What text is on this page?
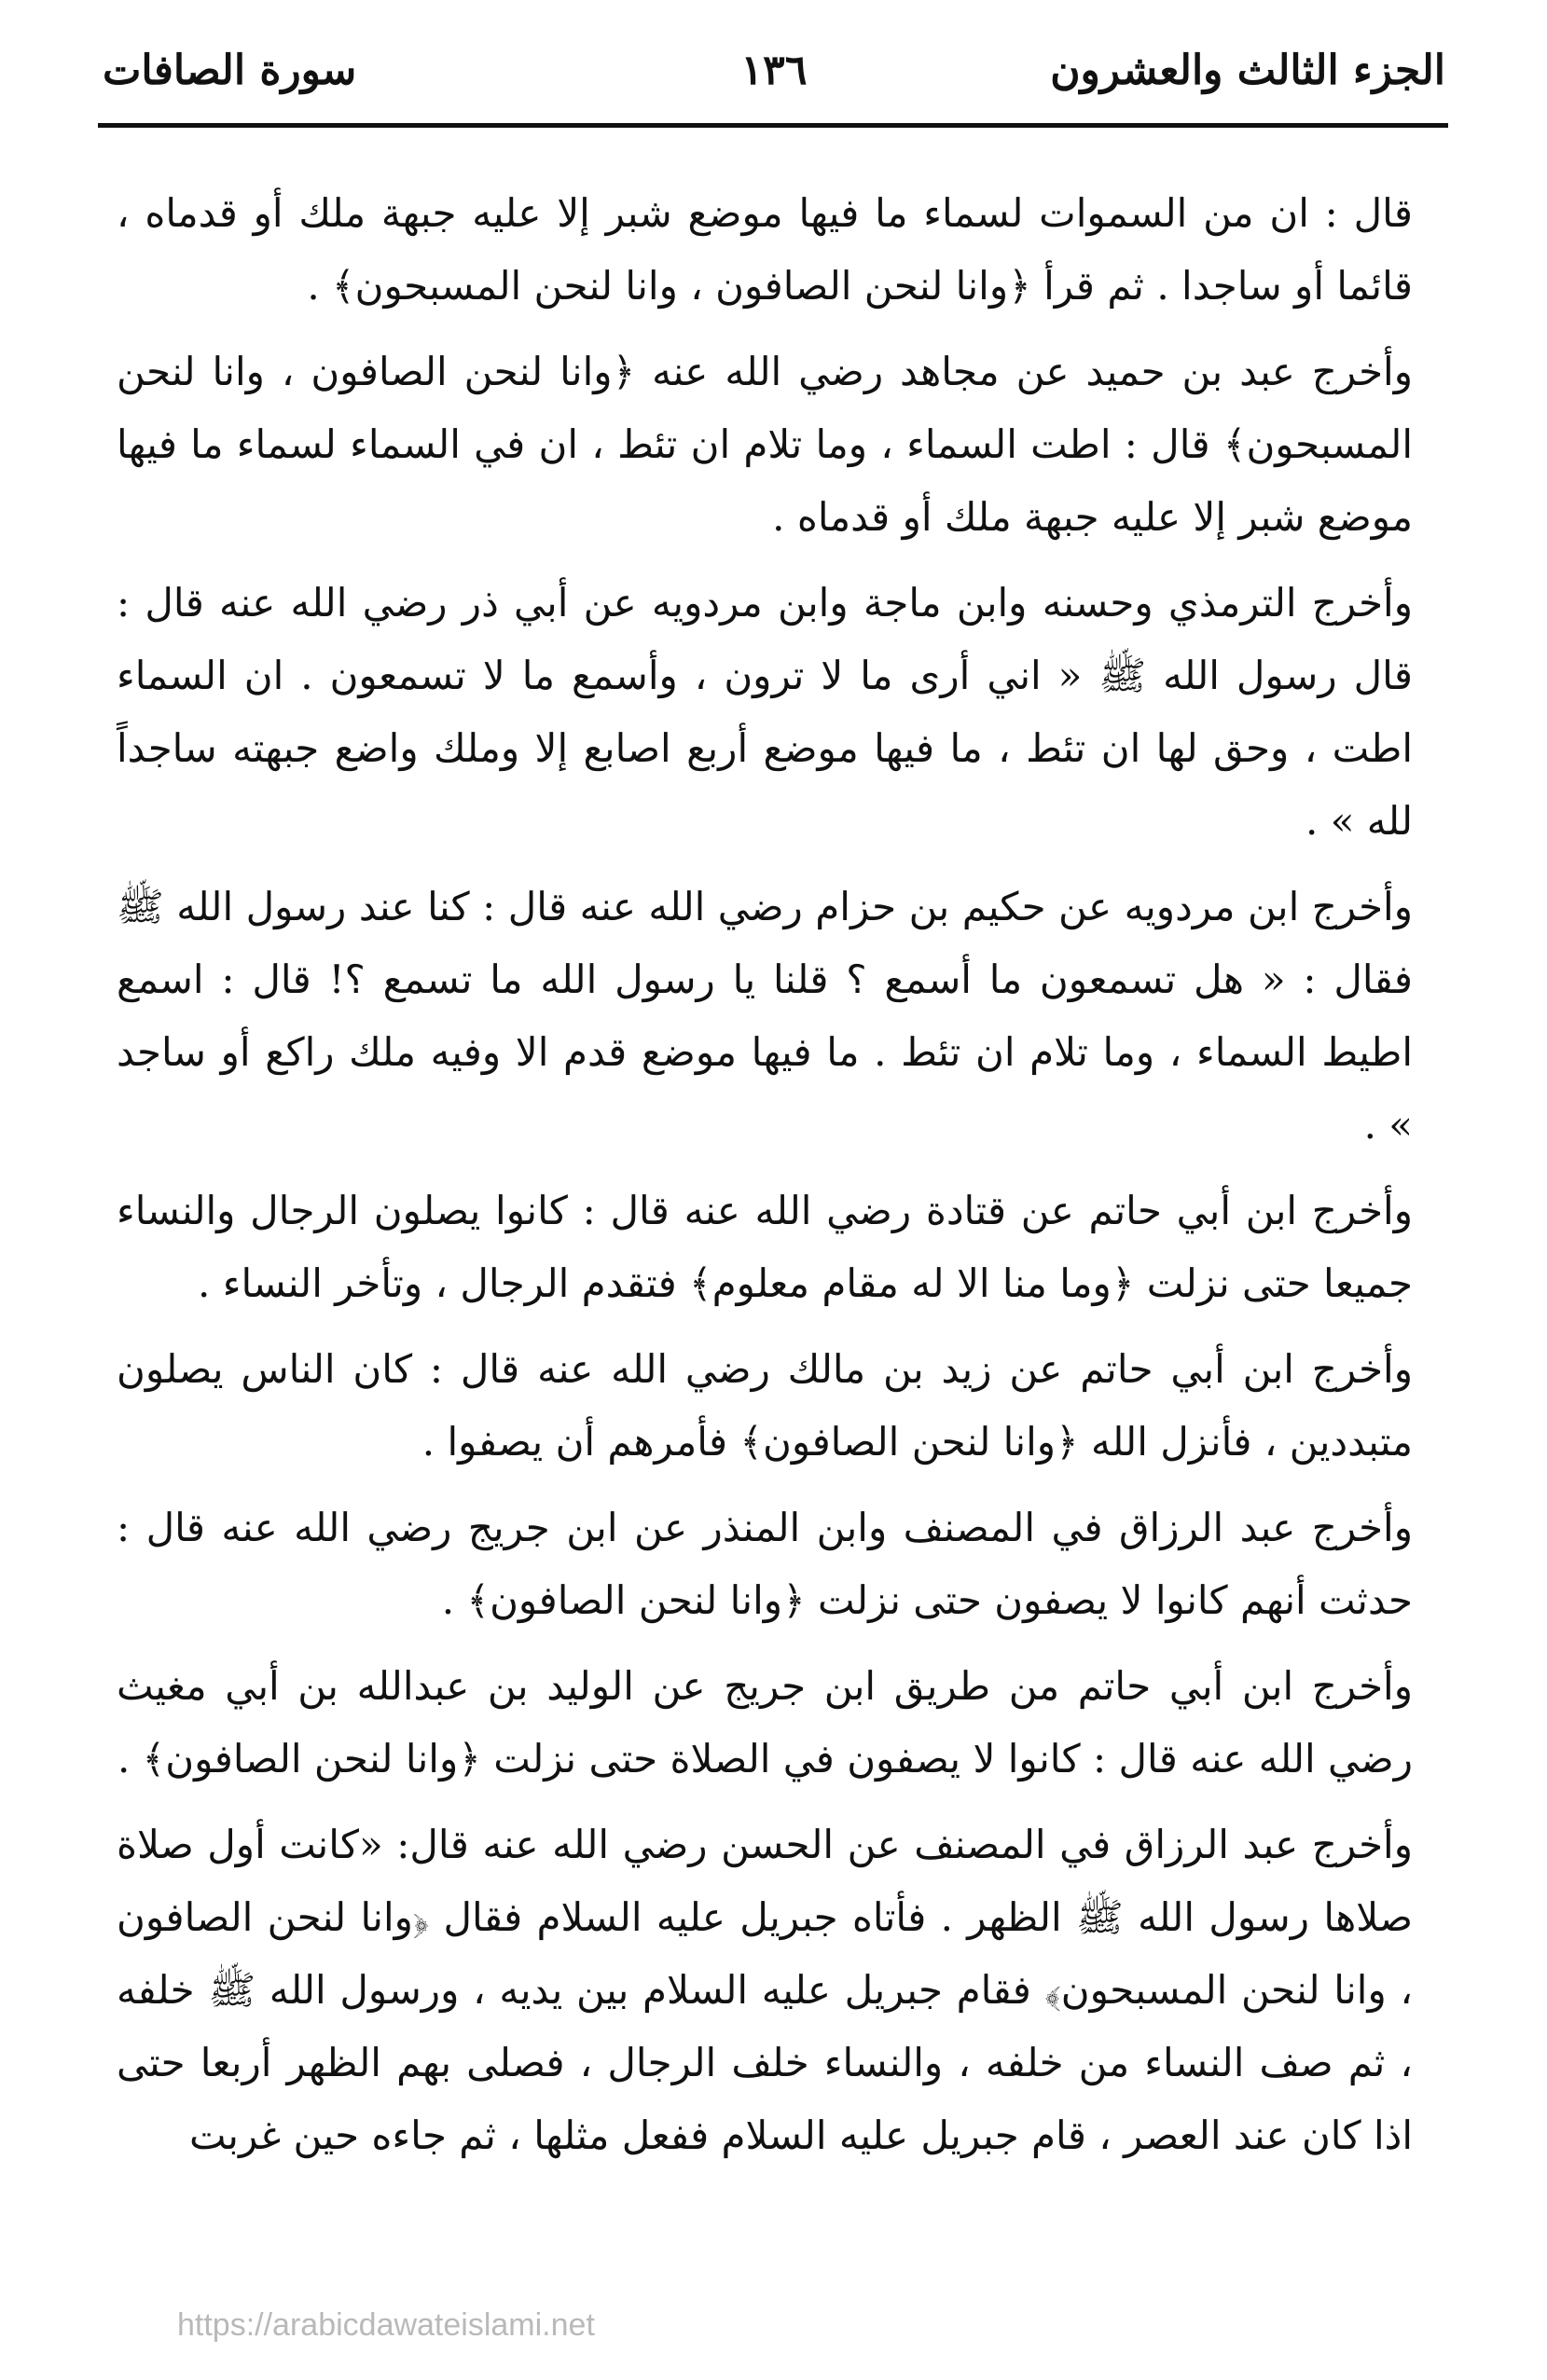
الجزء الثالث والعشرون
١٣٦
سورة الصافات

قال : ان من السموات لسماء ما فيها موضع شبر إلا عليه جبهة ملك أو قدماه ، قائما أو ساجدا . ثم قرأ ﴿وانا لنحن الصافون ، وانا لنحن المسبحون﴾ .

وأخرج عبد بن حميد عن مجاهد رضي الله عنه ﴿وانا لنحن الصافون ، وانا لنحن المسبحون﴾ قال : اطت السماء ، وما تلام ان تئط ، ان في السماء لسماء ما فيها موضع شبر إلا عليه جبهة ملك أو قدماه .

وأخرج الترمذي وحسنه وابن ماجة وابن مردويه عن أبي ذر رضي الله عنه قال : قال رسول الله ﷺ « اني أرى ما لا ترون ، وأسمع ما لا تسمعون . ان السماء اطت ، وحق لها ان تئط ، ما فيها موضع أربع اصابع إلا وملك واضع جبهته ساجداً لله » .

وأخرج ابن مردويه عن حكيم بن حزام رضي الله عنه قال : كنا عند رسول الله ﷺ فقال : « هل تسمعون ما أسمع ؟ قلنا يا رسول الله ما تسمع ؟! قال : اسمع اطيط السماء ، وما تلام ان تئط . ما فيها موضع قدم الا وفيه ملك راكع أو ساجد » .

وأخرج ابن أبي حاتم عن قتادة رضي الله عنه قال : كانوا يصلون الرجال والنساء جميعا حتى نزلت ﴿وما منا الا له مقام معلوم﴾ فتقدم الرجال ، وتأخر النساء .

وأخرج ابن أبي حاتم عن زيد بن مالك رضي الله عنه قال : كان الناس يصلون متبددين ، فأنزل الله ﴿وانا لنحن الصافون﴾ فأمرهم أن يصفوا .

وأخرج عبد الرزاق في المصنف وابن المنذر عن ابن جريج رضي الله عنه قال : حدثت أنهم كانوا لا يصفون حتى نزلت ﴿وانا لنحن الصافون﴾ .

وأخرج ابن أبي حاتم من طريق ابن جريج عن الوليد بن عبدالله بن أبي مغيث رضي الله عنه قال : كانوا لا يصفون في الصلاة حتى نزلت ﴿وانا لنحن الصافون﴾ .

وأخرج عبد الرزاق في المصنف عن الحسن رضي الله عنه قال: «كانت أول صلاة صلاها رسول الله ﷺ الظهر . فأتاه جبريل عليه السلام فقال ﴿وانا لنحن الصافون ، وانا لنحن المسبحون﴾ فقام جبريل عليه السلام بين يديه ، ورسول الله ﷺ خلفه ، ثم صف النساء من خلفه ، والنساء خلف الرجال ، فصلى بهم الظهر أربعا حتى اذا كان عند العصر ، قام جبريل عليه السلام ففعل مثلها ، ثم جاءه حين غربت

https://arabicdawateislami.net
